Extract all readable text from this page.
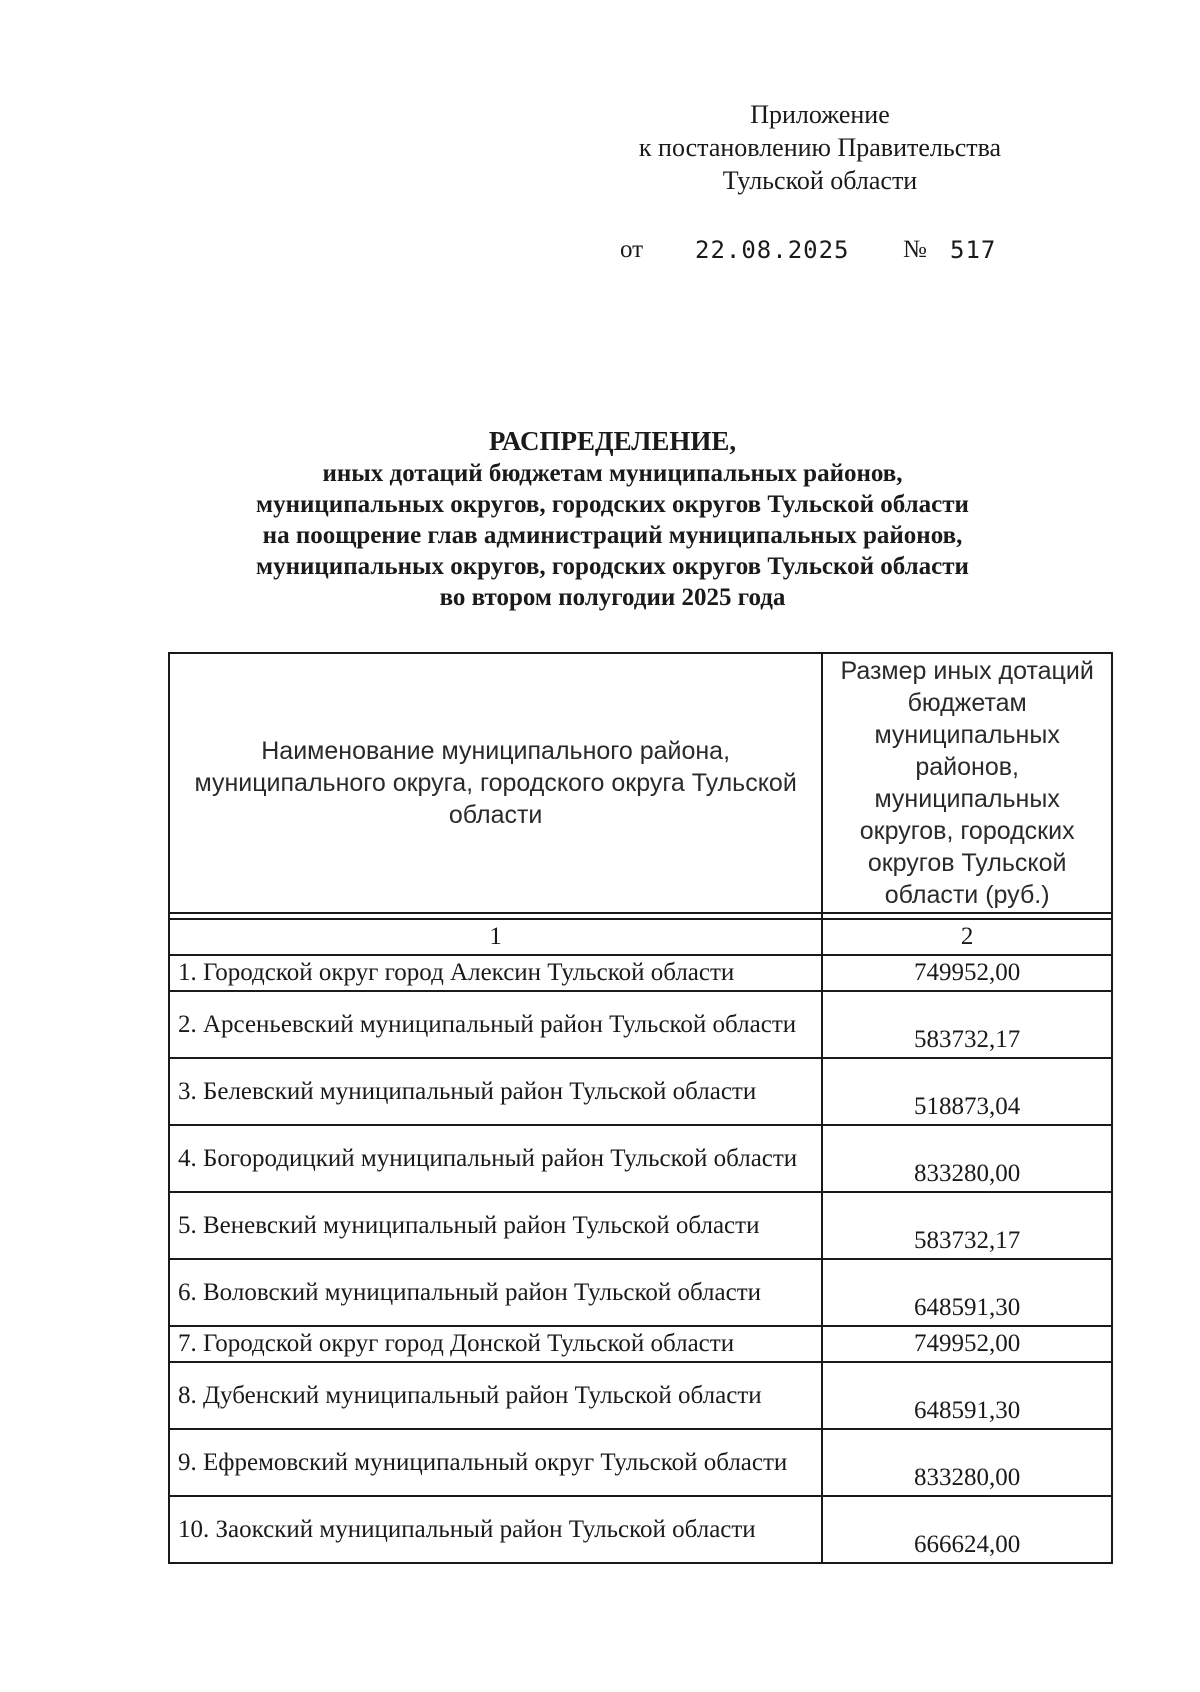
Приложение
к постановлению Правительства
Тульской области
от 22.08.2025 № 517
РАСПРЕДЕЛЕНИЕ,
иных дотаций бюджетам муниципальных районов,
муниципальных округов, городских округов Тульской области
на поощрение глав администраций муниципальных районов,
муниципальных округов, городских округов Тульской области
во втором полугодии 2025 года
Наименование муниципального района, муниципального округа, городского округа Тульской области	Размер иных дотаций бюджетам муниципальных районов, муниципальных округов, городских округов Тульской области (руб.)

1	2
1. Городской округ город Алексин Тульской области	749952,00
2. Арсеньевский муниципальный район Тульской области	583732,17
3. Белевский муниципальный район Тульской области	518873,04
4. Богородицкий муниципальный район Тульской области	833280,00
5. Веневский муниципальный район Тульской области	583732,17
6. Воловский муниципальный район Тульской области	648591,30
7. Городской округ город Донской Тульской области	749952,00
8. Дубенский муниципальный район Тульской области	648591,30
9. Ефремовский муниципальный округ Тульской области	833280,00
10. Заокский муниципальный район Тульской области	666624,00
